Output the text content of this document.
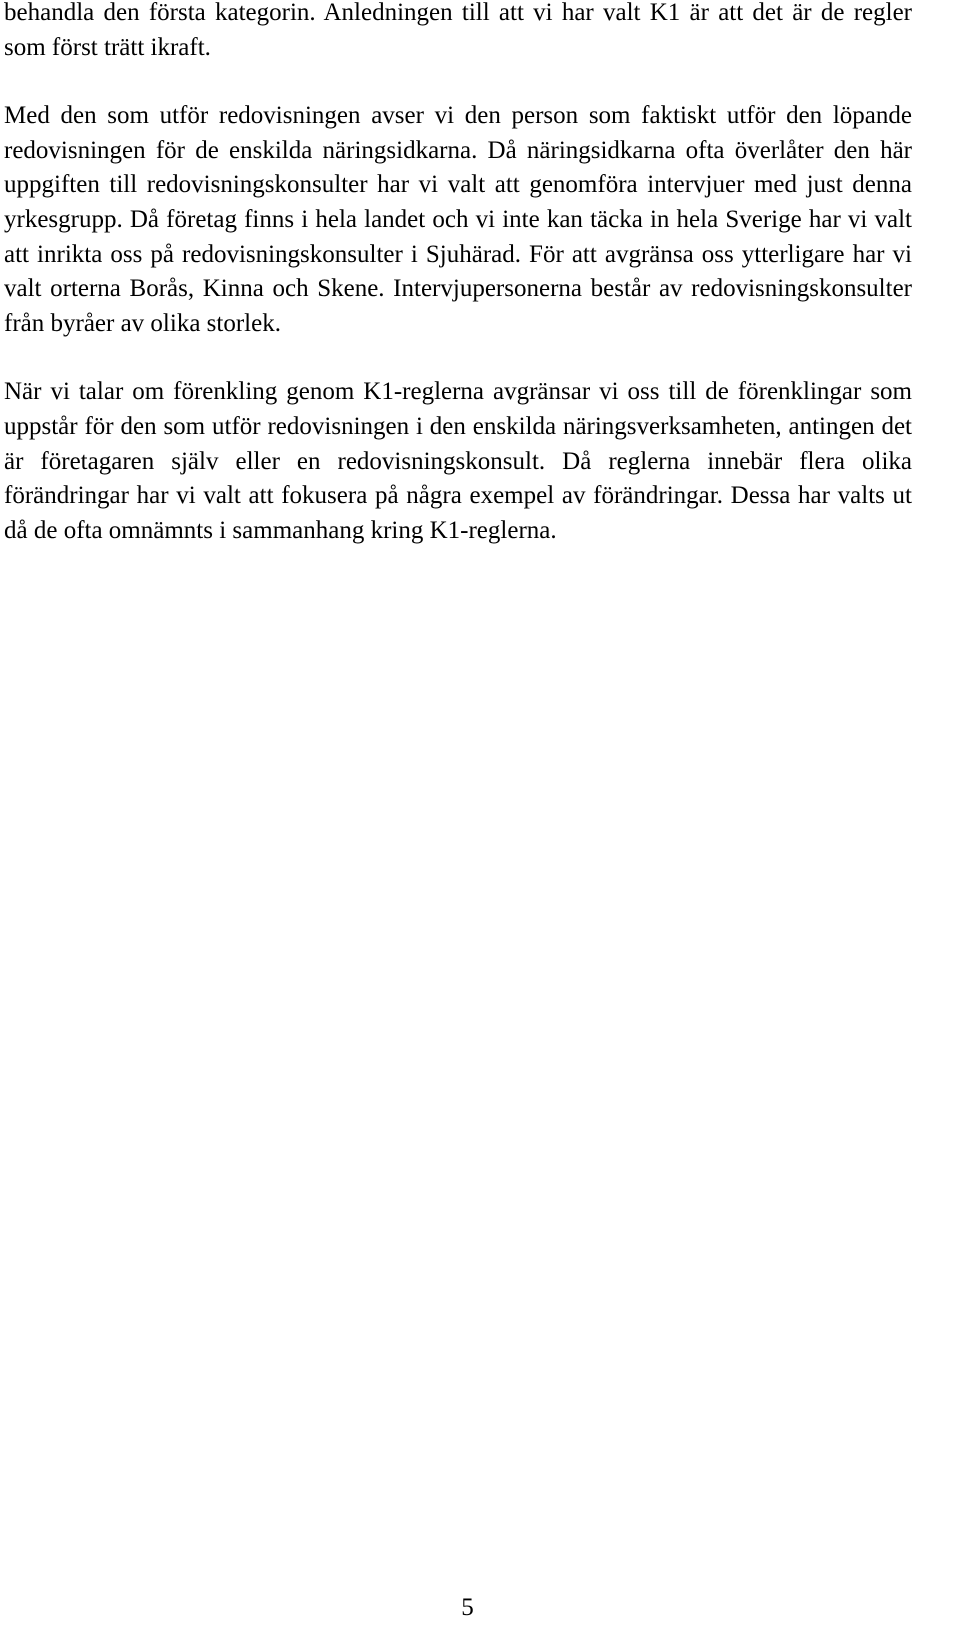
behandla den första kategorin. Anledningen till att vi har valt K1 är att det är de regler som först trätt ikraft.

Med den som utför redovisningen avser vi den person som faktiskt utför den löpande redovisningen för de enskilda näringsidkarna. Då näringsidkarna ofta överlåter den här uppgiften till redovisningskonsulter har vi valt att genomföra intervjuer med just denna yrkesgrupp. Då företag finns i hela landet och vi inte kan täcka in hela Sverige har vi valt att inrikta oss på redovisningskonsulter i Sjuhärad. För att avgränsa oss ytterligare har vi valt orterna Borås, Kinna och Skene. Intervjupersonerna består av redovisningskonsulter från byråer av olika storlek.

När vi talar om förenkling genom K1-reglerna avgränsar vi oss till de förenklingar som uppstår för den som utför redovisningen i den enskilda näringsverksamheten, antingen det är företagaren själv eller en redovisningskonsult. Då reglerna innebär flera olika förändringar har vi valt att fokusera på några exempel av förändringar. Dessa har valts ut då de ofta omnämnts i sammanhang kring K1-reglerna.

5
